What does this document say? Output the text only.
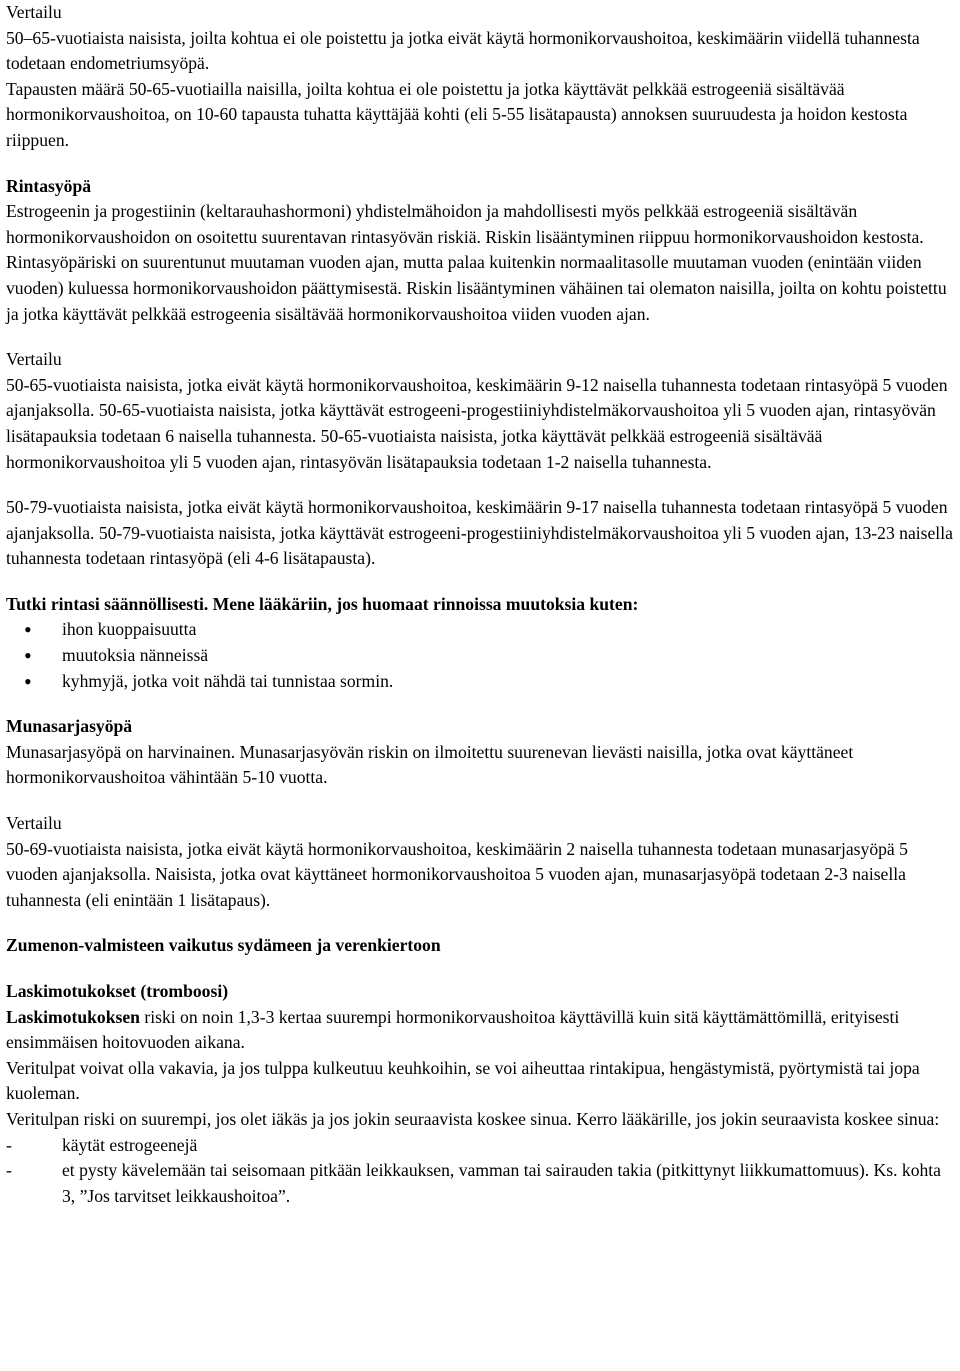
Vertailu

50–65-vuotiaista naisista, joilta kohtua ei ole poistettu ja jotka eivät käytä hormonikorvaushoitoa, keskimäärin viidellä tuhannesta todetaan endometriumsyöpä.

Tapausten määrä 50-65-vuotiailla naisilla, joilta kohtua ei ole poistettu ja jotka käyttävät pelkkää estrogeeniä sisältävää hormonikorvaushoitoa, on 10-60 tapausta tuhatta käyttäjää kohti (eli 5-55 lisätapausta) annoksen suuruudesta ja hoidon kestosta riippuen.

Rintasyöpä

Estrogeenin ja progestiinin (keltarauhashormoni) yhdistelmähoidon ja mahdollisesti myös pelkkää estrogeeniä sisältävän hormonikorvaushoidon on osoitettu suurentavan rintasyövän riskiä. Riskin lisääntyminen riippuu hormonikorvaushoidon kestosta. Rintasyöpäriski on suurentunut muutaman vuoden ajan, mutta palaa kuitenkin normaalitasolle muutaman vuoden (enintään viiden vuoden) kuluessa hormonikorvaushoidon päättymisestä. Riskin lisääntyminen vähäinen tai olematon naisilla, joilta on kohtu poistettu ja jotka käyttävät pelkkää estrogeenia sisältävää hormonikorvaushoitoa viiden vuoden ajan.

Vertailu

50-65-vuotiaista naisista, jotka eivät käytä hormonikorvaushoitoa, keskimäärin 9-12 naisella tuhannesta todetaan rintasyöpä 5 vuoden ajanjaksolla. 50-65-vuotiaista naisista, jotka käyttävät estrogeeni-progestiiniyhdistelmäkorvaushoitoa yli 5 vuoden ajan, rintasyövän lisätapauksia todetaan 6 naisella tuhannesta. 50-65-vuotiaista naisista, jotka käyttävät pelkkää estrogeeniä sisältävää hormonikorvaushoitoa yli 5 vuoden ajan, rintasyövän lisätapauksia todetaan 1-2 naisella tuhannesta.

50-79-vuotiaista naisista, jotka eivät käytä hormonikorvaushoitoa, keskimäärin 9-17 naisella tuhannesta todetaan rintasyöpä 5 vuoden ajanjaksolla. 50-79-vuotiaista naisista, jotka käyttävät estrogeeni-progestiiniyhdistelmäkorvaushoitoa yli 5 vuoden ajan, 13-23 naisella tuhannesta todetaan rintasyöpä (eli 4-6 lisätapausta).

Tutki rintasi säännöllisesti. Mene lääkäriin, jos huomaat rinnoissa muutoksia kuten:

• ihon kuoppaisuutta
• muutoksia nänneissä
• kyhmyjä, jotka voit nähdä tai tunnistaa sormin.

Munasarjasyöpä

Munasarjasyöpä on harvinainen. Munasarjasyövän riskin on ilmoitettu suurenevan lievästi naisilla, jotka ovat käyttäneet hormonikorvaushoitoa vähintään 5-10 vuotta.

Vertailu

50-69-vuotiaista naisista, jotka eivät käytä hormonikorvaushoitoa, keskimäärin 2 naisella tuhannesta todetaan munasarjasyöpä 5 vuoden ajanjaksolla. Naisista, jotka ovat käyttäneet hormonikorvaushoitoa 5 vuoden ajan, munasarjasyöpä todetaan 2-3 naisella tuhannesta (eli enintään 1 lisätapaus).

Zumenon-valmisteen vaikutus sydämeen ja verenkiertoon

Laskimotukokset (tromboosi)

Laskimotukoksen riski on noin 1,3-3 kertaa suurempi hormonikorvaushoitoa käyttävillä kuin sitä käyttämättömillä, erityisesti ensimmäisen hoitovuoden aikana.

Veritulpat voivat olla vakavia, ja jos tulppa kulkeutuu keuhkoihin, se voi aiheuttaa rintakipua, hengästymistä, pyörtymistä tai jopa kuoleman.

Veritulpan riski on suurempi, jos olet iäkäs ja jos jokin seuraavista koskee sinua. Kerro lääkärille, jos jokin seuraavista koskee sinua:

-	käytät estrogeenejä
-	et pysty kävelemään tai seisomaan pitkään leikkauksen, vamman tai sairauden takia (pitkittynyt liikkumattomuus). Ks. kohta 3, ”Jos tarvitset leikkaushoitoa”.
